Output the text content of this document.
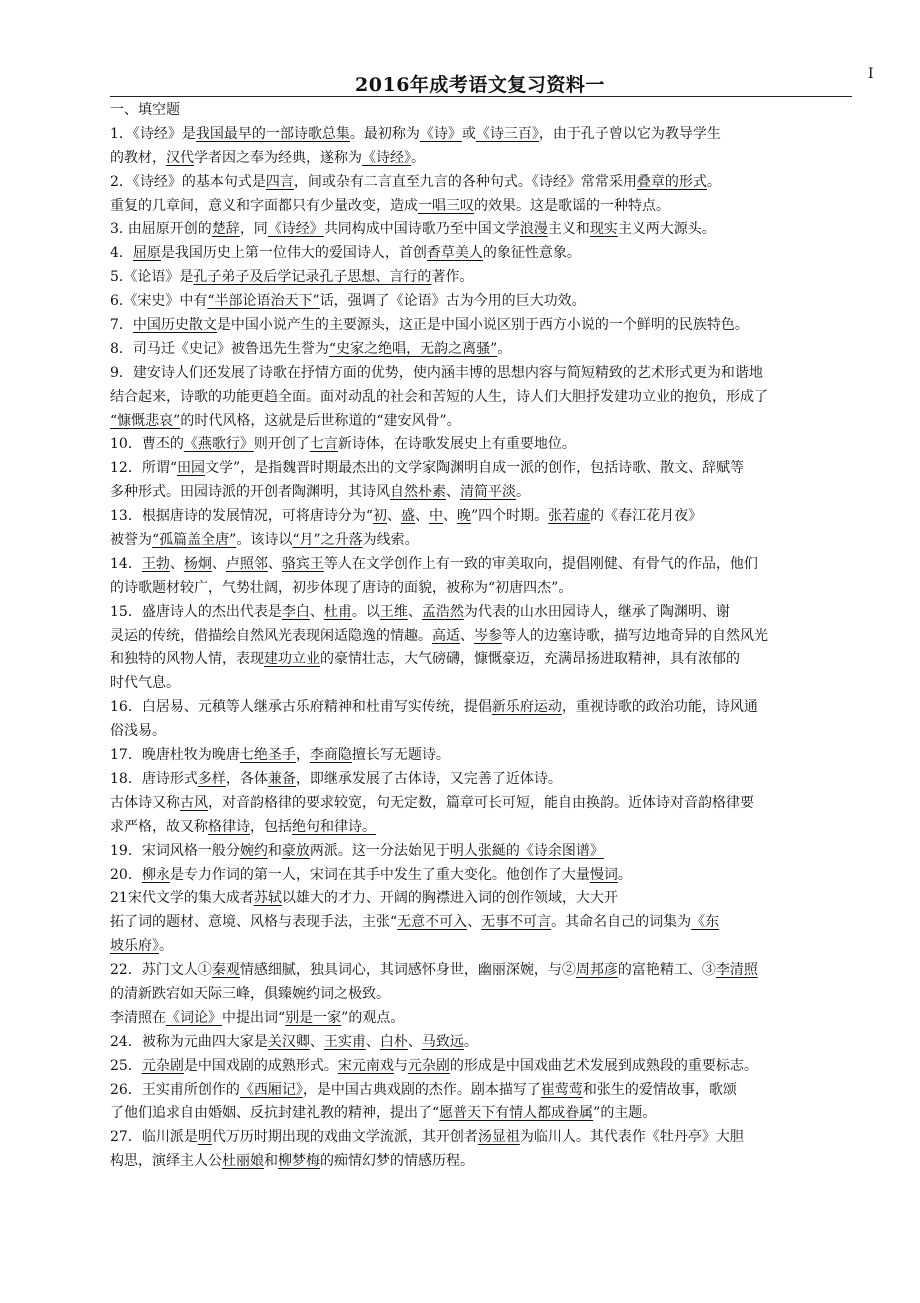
I
2016年成考语文复习资料一
一、填空题
1．《诗经》是我国最早的一部诗歌总集。最初称为《诗》或《诗三百》，由于孔子曾以它为教导学生
的教材，汉代学者因之奉为经典，遂称为《诗经》。
2．《诗经》的基本句式是四言，间或杂有二言直至九言的各种句式。《诗经》常常采用叠章的形式。
重复的几章间，意义和字面都只有少量改变，造成一唱三叹的效果。这是歌谣的一种特点。
3. 由屈原开创的楚辞，同《诗经》共同构成中国诗歌乃至中国文学浪漫主义和现实主义两大源头。
4．屈原是我国历史上第一位伟大的爱国诗人，首创香草美人的象征性意象。
5.《论语》是孔子弟子及后学记录孔子思想、言行的著作。
6.《宋史》中有“半部论语治天下”话，强调了《论语》古为今用的巨大功效。
7．中国历史散文是中国小说产生的主要源头，这正是中国小说区别于西方小说的一个鲜明的民族特色。
8．司马迁《史记》被鲁迅先生誉为“史家之绝唱，无韵之离骚”。
9．建安诗人们还发展了诗歌在抒情方面的优势，使内涵丰博的思想内容与简短精致的艺术形式更为和谐地
结合起来，诗歌的功能更趋全面。面对动乱的社会和苦短的人生，诗人们大胆抒发建功立业的抱负，形成了
“慷慨悲哀”的时代风格，这就是后世称道的“建安风骨”。
10．曹丕的《燕歌行》则开创了七言新诗体，在诗歌发展史上有重要地位。
12．所谓“田园文学”，是指魏晋时期最杰出的文学家陶渊明自成一派的创作，包括诗歌、散文、辞赋等
多种形式。田园诗派的开创者陶渊明，其诗风自然朴素、清简平淡。
13．根据唐诗的发展情况，可将唐诗分为“初、盛、中、晚”四个时期。张若虚的《春江花月夜》
被誉为“孤篇盖全唐”。该诗以“月”之升落为线索。
14．王勃、杨炯、卢照邻、骆宾王等人在文学创作上有一致的审美取向，提倡刚健、有骨气的作品，他们
的诗歌题材较广，气势壮阔，初步体现了唐诗的面貌，被称为“初唐四杰”。
15．盛唐诗人的杰出代表是李白、杜甫。以王维、孟浩然为代表的山水田园诗人，继承了陶渊明、谢
灵运的传统，借描绘自然风光表现闲适隐逸的情趣。高适、岑参等人的边塞诗歌，描写边地奇异的自然风光
和独特的风物人情，表现建功立业的豪情壮志，大气磅礴，慷慨豪迈，充满昂扬进取精神，具有浓郁的
时代气息。
16．白居易、元稹等人继承古乐府精神和杜甫写实传统，提倡新乐府运动，重视诗歌的政治功能，诗风通
俗浅易。
17．晚唐杜牧为晚唐七绝圣手，李商隐擅长写无题诗。
18．唐诗形式多样，各体兼备，即继承发展了古体诗，又完善了近体诗。
古体诗又称古风，对音韵格律的要求较宽，句无定数，篇章可长可短，能自由换韵。近体诗对音韵格律要
求严格，故又称格律诗，包括绝句和律诗。
19．宋词风格一般分婉约和豪放两派。这一分法始见于明人张綖的《诗余图谱》
20．柳永是专力作词的第一人，宋词在其手中发生了重大变化。他创作了大量慢词。
21宋代文学的集大成者苏轼以雄大的才力、开阔的胸襟进入词的创作领域，大大开
拓了词的题材、意境、风格与表现手法，主张“无意不可入、无事不可言。其命名自己的词集为《东
坡乐府》。
22．苏门文人①秦观情感细腻，独具词心，其词感怀身世，幽丽深婉，与②周邦彦的富艳精工、③李清照
的清新跌宕如天际三峰，俱臻婉约词之极致。
李清照在《词论》中提出词“别是一家”的观点。
24．被称为元曲四大家是关汉卿、王实甫、白朴、马致远。
25．元杂剧是中国戏剧的成熟形式。宋元南戏与元杂剧的形成是中国戏曲艺术发展到成熟段的重要标志。
26．王实甫所创作的《西厢记》，是中国古典戏剧的杰作。剧本描写了崔莺莺和张生的爱情故事，歌颂
了他们追求自由婚姻、反抗封建礼教的精神，提出了“愿普天下有情人都成眷属”的主题。
27．临川派是明代万历时期出现的戏曲文学流派，其开创者汤显祖为临川人。其代表作《牡丹亭》大胆
构思，演绎主人公杜丽娘和柳梦梅的痴情幻梦的情感历程。
